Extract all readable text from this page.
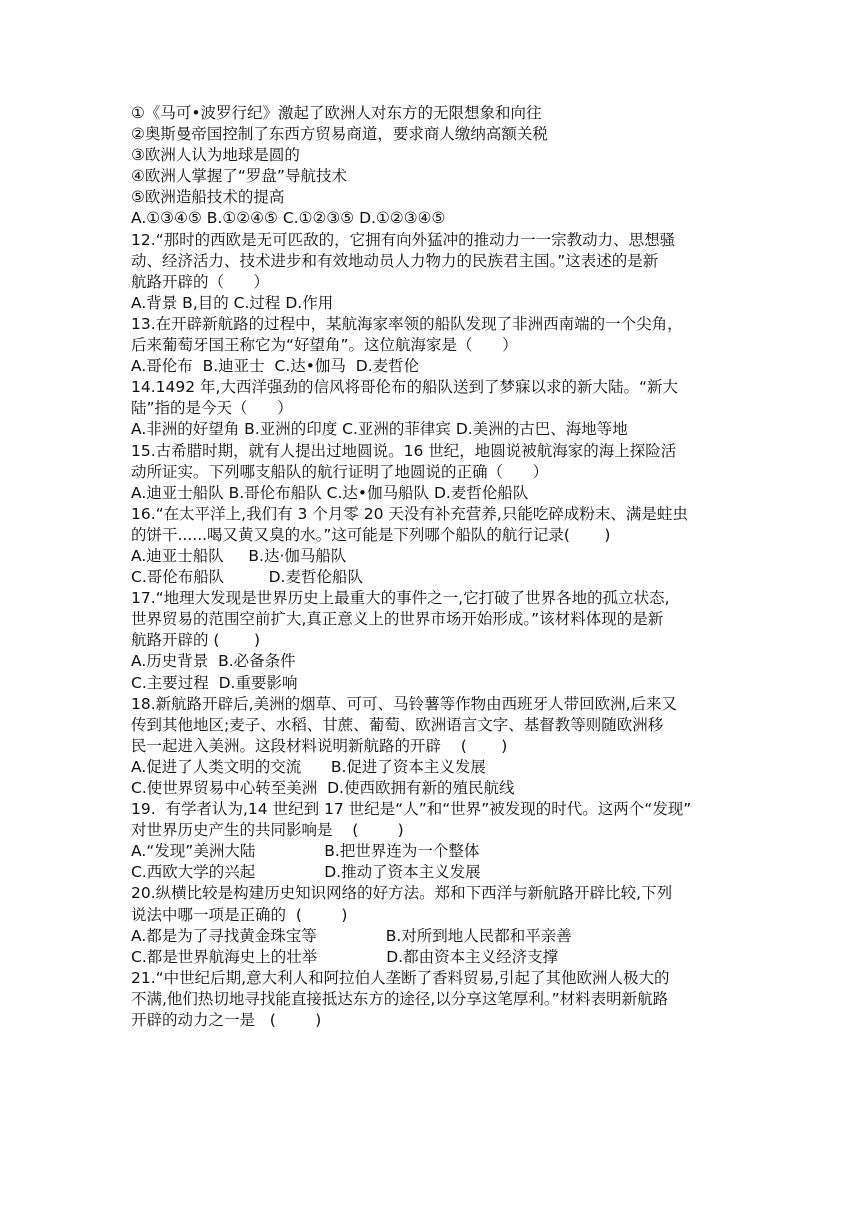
①《马可•波罗行纪》激起了欧洲人对东方的无限想象和向往
②奥斯曼帝国控制了东西方贸易商道，要求商人缴纳高额关税
③欧洲人认为地球是圆的
④欧洲人掌握了“罗盘”导航技术
⑤欧洲造船技术的提高
A.①③④⑤ B.①②④⑤ C.①②③⑤ D.①②③④⑤
12.“那时的西欧是无可匹敌的，它拥有向外猛冲的推动力一一宗教动力、思想骚
动、经济活力、技术进步和有效地动员人力物力的民族君主国。”这表述的是新
航路开辟的（      ）
A.背景 B,目的 C.过程 D.作用
13.在开辟新航路的过程中，某航海家率领的船队发现了非洲西南端的一个尖角，
后来葡萄牙国王称它为“好望角”。这位航海家是（      ）
A.哥伦布  B.迪亚士  C.达•伽马  D.麦哲伦
14.1492 年,大西洋强劲的信风将哥伦布的船队送到了梦寐以求的新大陆。“新大
陆”指的是今天（      ）
A.非洲的好望角 B.亚洲的印度 C.亚洲的菲律宾 D.美洲的古巴、海地等地
15.古希腊时期，就有人提出过地圆说。16 世纪，地圆说被航海家的海上探险活
动所证实。下列哪支船队的航行证明了地圆说的正确（      ）
A.迪亚士船队 B.哥伦布船队 C.达•伽马船队 D.麦哲伦船队
16.“在太平洋上,我们有 3 个月零 20 天没有补充营养,只能吃碎成粉末、满是蛀虫
的饼干......喝又黄又臭的水。”这可能是下列哪个船队的航行记录(       )
A.迪亚士船队     B.达·伽马船队
C.哥伦布船队         D.麦哲伦船队
17.“地理大发现是世界历史上最重大的事件之一,它打破了世界各地的孤立状态,
世界贸易的范围空前扩大,真正意义上的世界市场开始形成。”该材料体现的是新
航路开辟的 (       )
A.历史背景  B.必备条件
C.主要过程  D.重要影响
18.新航路开辟后,美洲的烟草、可可、马铃薯等作物由西班牙人带回欧洲,后来又
传到其他地区;麦子、水稻、甘蔗、葡萄、欧洲语言文字、基督教等则随欧洲移
民一起进入美洲。这段材料说明新航路的开辟    (       )
A.促进了人类文明的交流      B.促进了资本主义发展
C.使世界贸易中心转至美洲  D.使西欧拥有新的殖民航线
19.  有学者认为,14 世纪到 17 世纪是“人”和“世界”被发现的时代。这两个“发现”
对世界历史产生的共同影响是    (        )
A.“发现”美洲大陆              B.把世界连为一个整体
C.西欧大学的兴起              D.推动了资本主义发展
20.纵横比较是构建历史知识网络的好方法。郑和下西洋与新航路开辟比较,下列
说法中哪一项是正确的  (        )
A.都是为了寻找黄金珠宝等              B.对所到地人民都和平亲善
C.都是世界航海史上的壮举              D.都由资本主义经济支撑
21.“中世纪后期,意大利人和阿拉伯人垄断了香料贸易,引起了其他欧洲人极大的
不满,他们热切地寻找能直接抵达东方的途径,以分享这笔厚利。”材料表明新航路
开辟的动力之一是   (        )
